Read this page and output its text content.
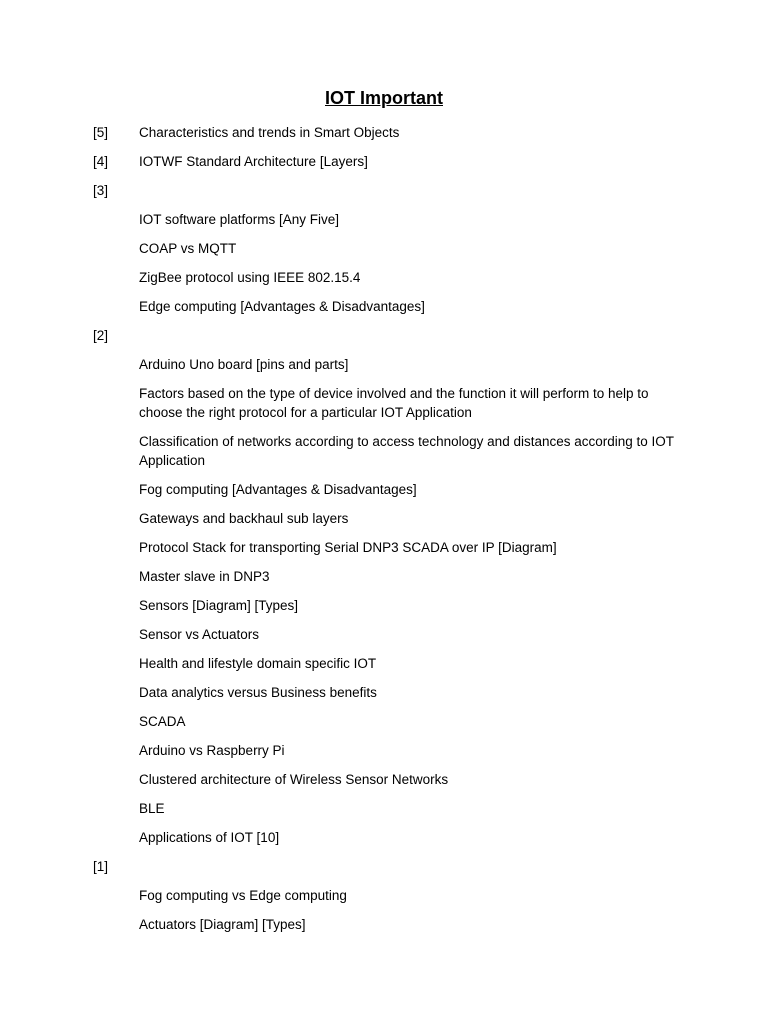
IOT Important
[5]	Characteristics and trends in Smart Objects
[4]	IOTWF Standard Architecture [Layers]
[3]
IOT software platforms [Any Five]
COAP vs MQTT
ZigBee protocol using IEEE 802.15.4
Edge computing [Advantages & Disadvantages]
[2]
Arduino Uno board [pins and parts]
Factors based on the type of device involved and the function it will perform to help to choose the right protocol for a particular IOT Application
Classification of networks according to access technology and distances according to IOT Application
Fog computing [Advantages & Disadvantages]
Gateways and backhaul sub layers
Protocol Stack for transporting Serial DNP3 SCADA over IP [Diagram]
Master slave in DNP3
Sensors [Diagram] [Types]
Sensor vs Actuators
Health and lifestyle domain specific IOT
Data analytics versus Business benefits
SCADA
Arduino vs Raspberry Pi
Clustered architecture of Wireless Sensor Networks
BLE
Applications of IOT [10]
[1]
Fog computing vs Edge computing
Actuators [Diagram] [Types]
